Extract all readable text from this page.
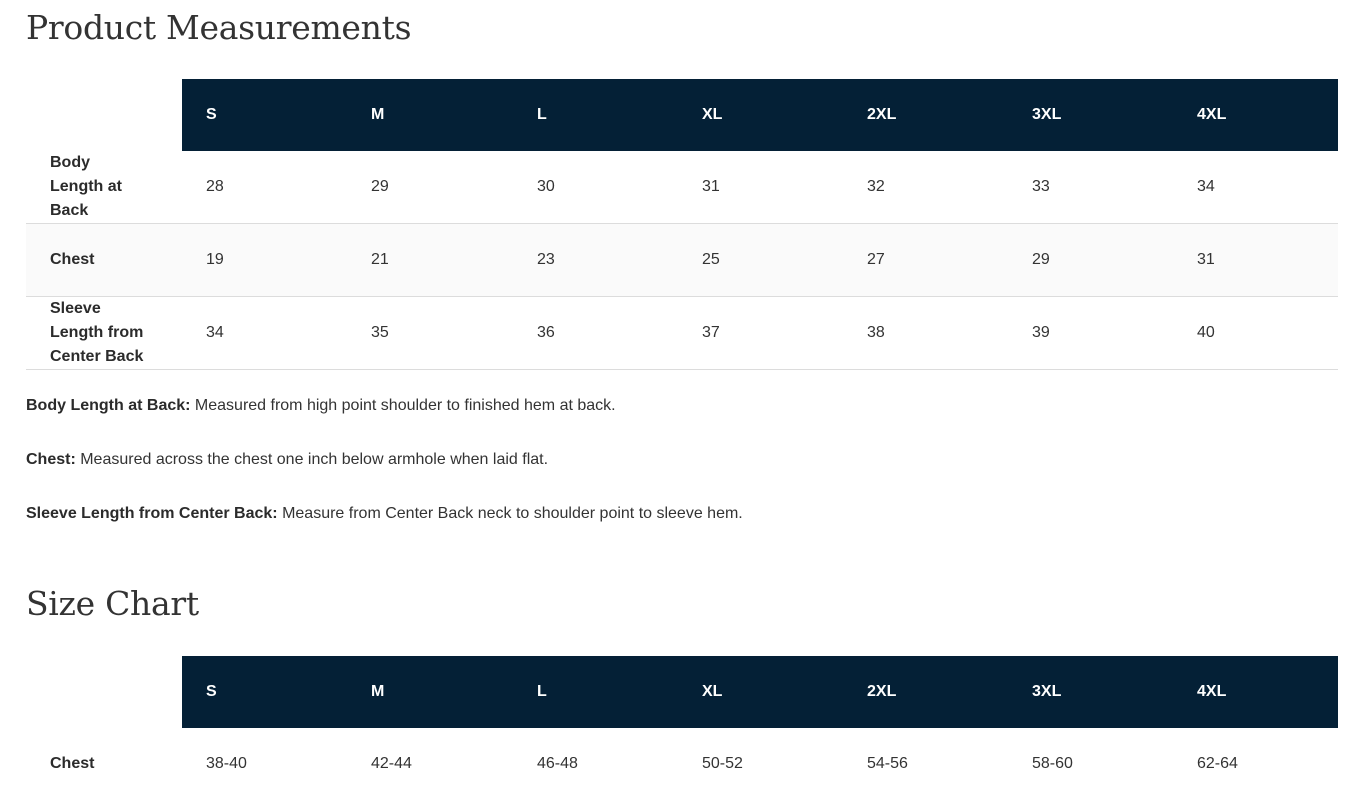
Product Measurements
	S	M	L	XL	2XL	3XL	4XL
Body Length at Back	28	29	30	31	32	33	34
Chest	19	21	23	25	27	29	31
Sleeve Length from Center Back	34	35	36	37	38	39	40

Body Length at Back: Measured from high point shoulder to finished hem at back.

Chest: Measured across the chest one inch below armhole when laid flat.

Sleeve Length from Center Back: Measure from Center Back neck to shoulder point to sleeve hem.

Size Chart
	S	M	L	XL	2XL	3XL	4XL
Chest	38-40	42-44	46-48	50-52	54-56	58-60	62-64
